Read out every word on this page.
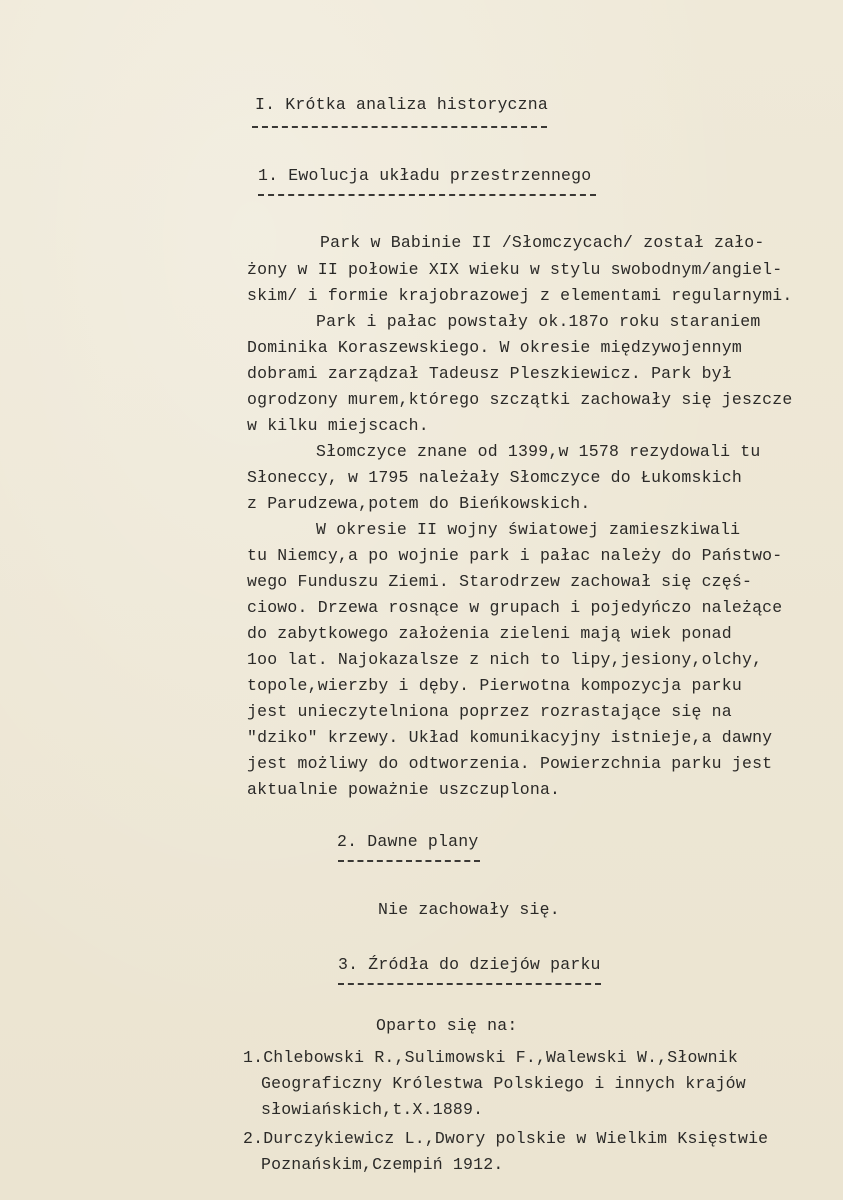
I. Krótka analiza historyczna
1. Ewolucja układu przestrzennego
Park w Babinie II /Słomczycach/ został zało-
żony w II połowie XIX wieku w stylu swobodnym/angiel-
skim/ i formie krajobrazowej z elementami regularnymi.
Park i pałac powstały ok.187o roku staraniem
Dominika Koraszewskiego. W okresie międzywojennym
dobrami zarządzał Tadeusz Pleszkiewicz. Park był
ogrodzony murem,którego szczątki zachowały się jeszcze
w kilku miejscach.
Słomczyce znane od 1399,w 1578 rezydowali tu
Słoneccy, w 1795 należały Słomczyce do Łukomskich
z Parudzewa,potem do Bieńkowskich.
W okresie II wojny światowej zamieszkiwali
tu Niemcy,a po wojnie park i pałac należy do Państwo-
wego Funduszu Ziemi. Starodrzew zachował się częś-
ciowo. Drzewa rosnące w grupach i pojedyńczo należące
do zabytkowego założenia zieleni mają wiek ponad
1oo lat. Najokazalsze z nich to lipy,jesiony,olchy,
topole,wierzby i dęby. Pierwotna kompozycja parku
jest unieczytelniona poprzez rozrastające się na
"dziko" krzewy. Układ komunikacyjny istnieje,a dawny
jest możliwy do odtworzenia. Powierzchnia parku jest
aktualnie poważnie uszczuplona.
2. Dawne plany
Nie zachowały się.
3. Źródła do dziejów parku
Oparto się na:
1.Chlebowski R.,Sulimowski F.,Walewski W.,Słownik
Geograficzny Królestwa Polskiego i innych krajów
słowiańskich,t.X.1889.
2.Durczykiewicz L.,Dwory polskie w Wielkim Księstwie
Poznańskim,Czempiń 1912.
